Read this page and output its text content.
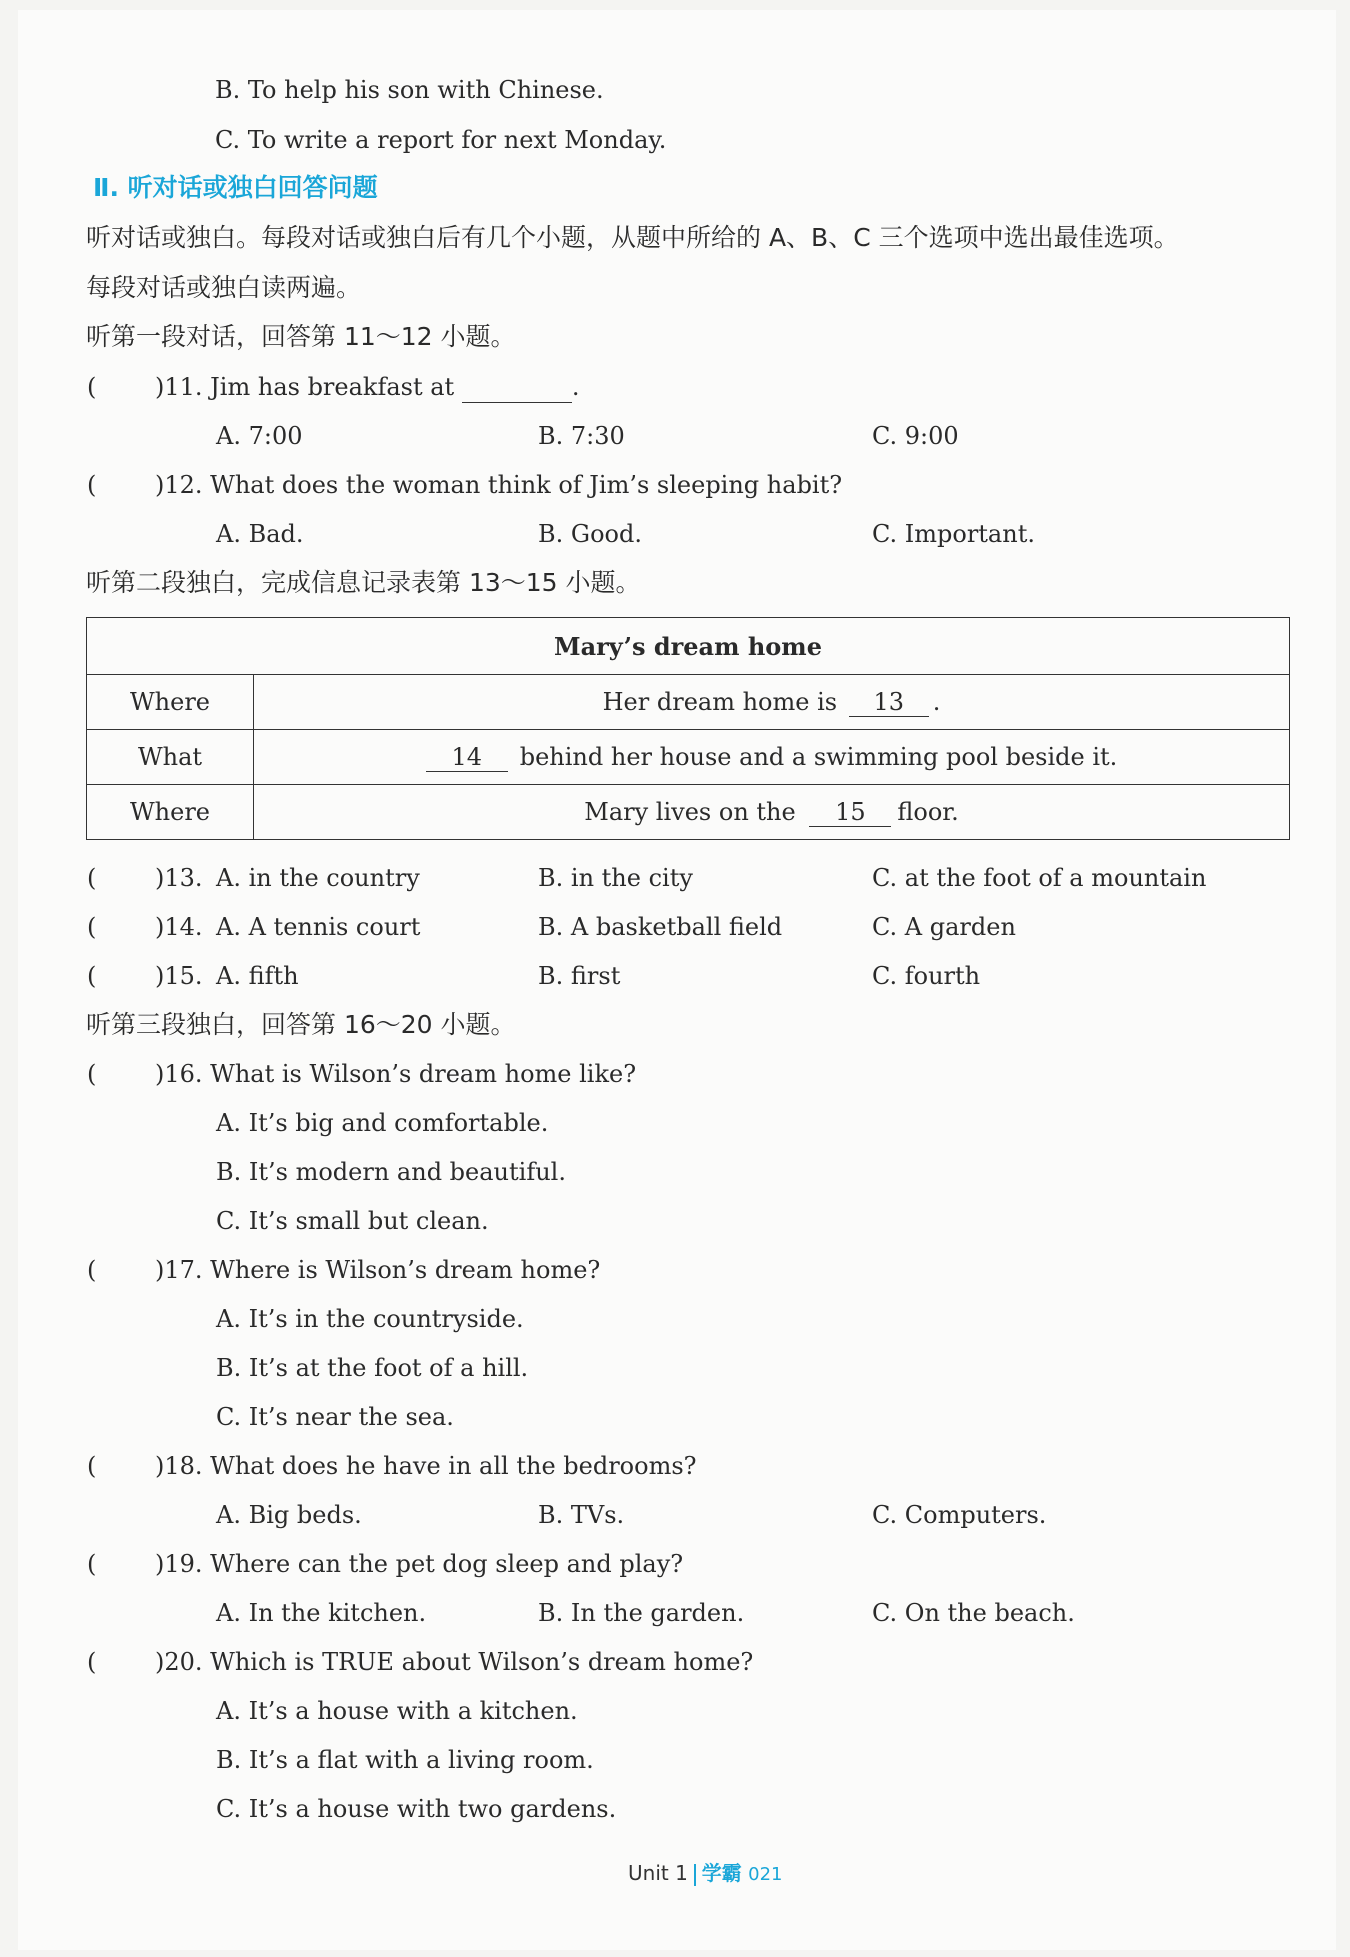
B. To help his son with Chinese.
C. To write a report for next Monday.
Ⅱ. 听对话或独白回答问题
听对话或独白。每段对话或独白后有几个小题，从题中所给的 A、B、C 三个选项中选出最佳选项。
每段对话或独白读两遍。
听第一段对话，回答第 11～12 小题。
( )11. Jim has breakfast at	.
A. 7:00	B. 7:30	C. 9:00
( )12. What does the woman think of Jim’s sleeping habit?
A. Bad.	B. Good.	C. Important.
听第二段独白，完成信息记录表第 13～15 小题。
Mary’s dream home	
Where	Her dream home is 13 .
What	14 behind her house and a swimming pool beside it.
Where	Mary lives on the 15 floor.
( )13. A. in the country	B. in the city	C. at the foot of a mountain
( )14. A. A tennis court	B. A basketball field	C. A garden
( )15. A. fifth	B. first	C. fourth
听第三段独白，回答第 16～20 小题。
( )16. What is Wilson’s dream home like?
A. It’s big and comfortable.
B. It’s modern and beautiful.
C. It’s small but clean.
( )17. Where is Wilson’s dream home?
A. It’s in the countryside.
B. It’s at the foot of a hill.
C. It’s near the sea.
( )18. What does he have in all the bedrooms?
A. Big beds.	B. TVs.	C. Computers.
( )19. Where can the pet dog sleep and play?
A. In the kitchen.	B. In the garden.	C. On the beach.
( )20. Which is TRUE about Wilson’s dream home?
A. It’s a house with a kitchen.
B. It’s a flat with a living room.
C. It’s a house with two gardens.
Unit 1 学霸 021
